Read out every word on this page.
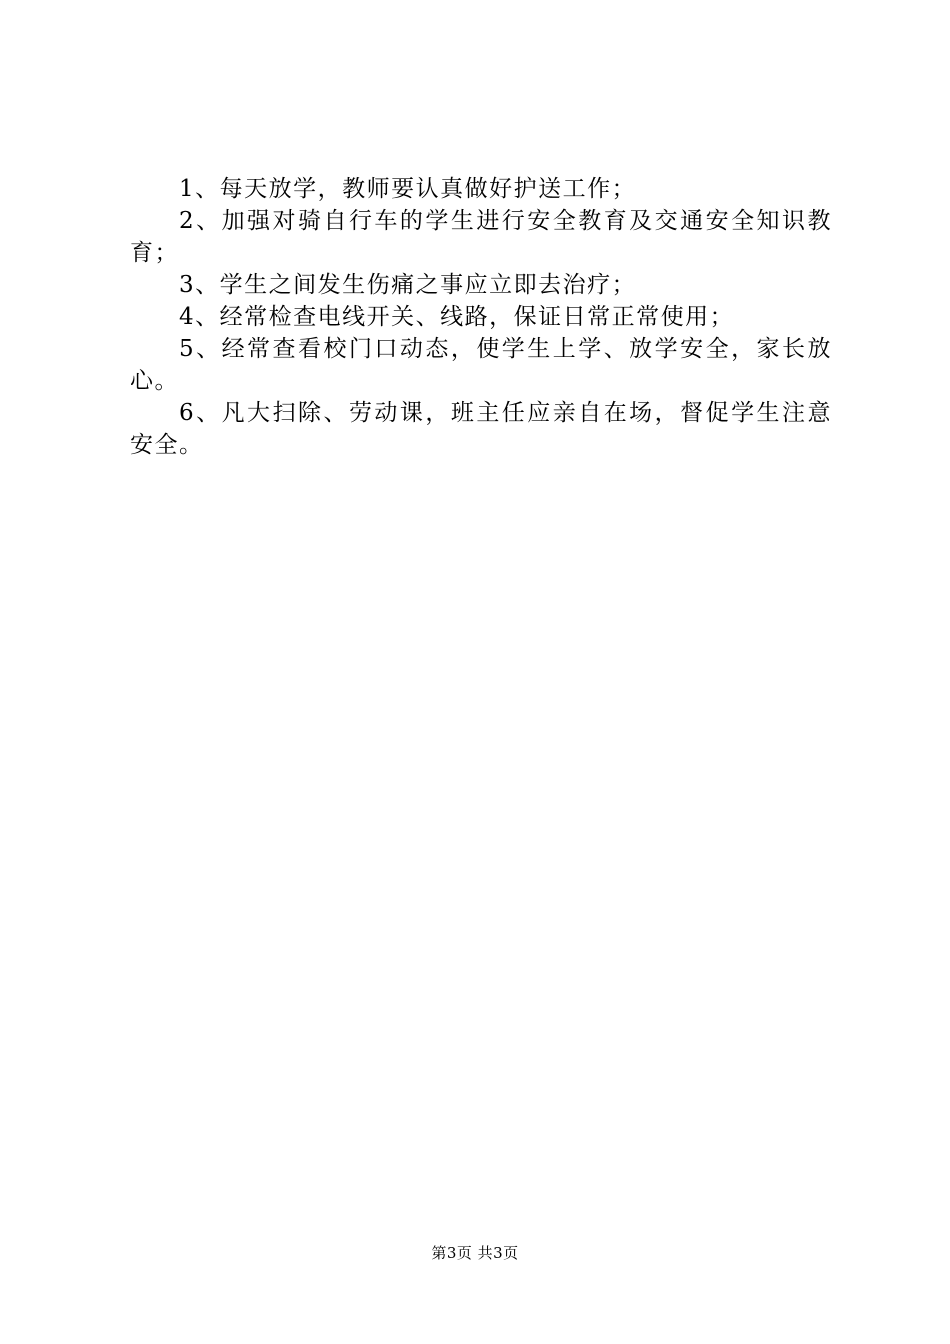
1、每天放学，教师要认真做好护送工作；

2、加强对骑自行车的学生进行安全教育及交通安全知识教育；

3、学生之间发生伤痛之事应立即去治疗；

4、经常检查电线开关、线路，保证日常正常使用；

5、经常查看校门口动态，使学生上学、放学安全，家长放心。

6、凡大扫除、劳动课，班主任应亲自在场，督促学生注意安全。

第3页 共3页
